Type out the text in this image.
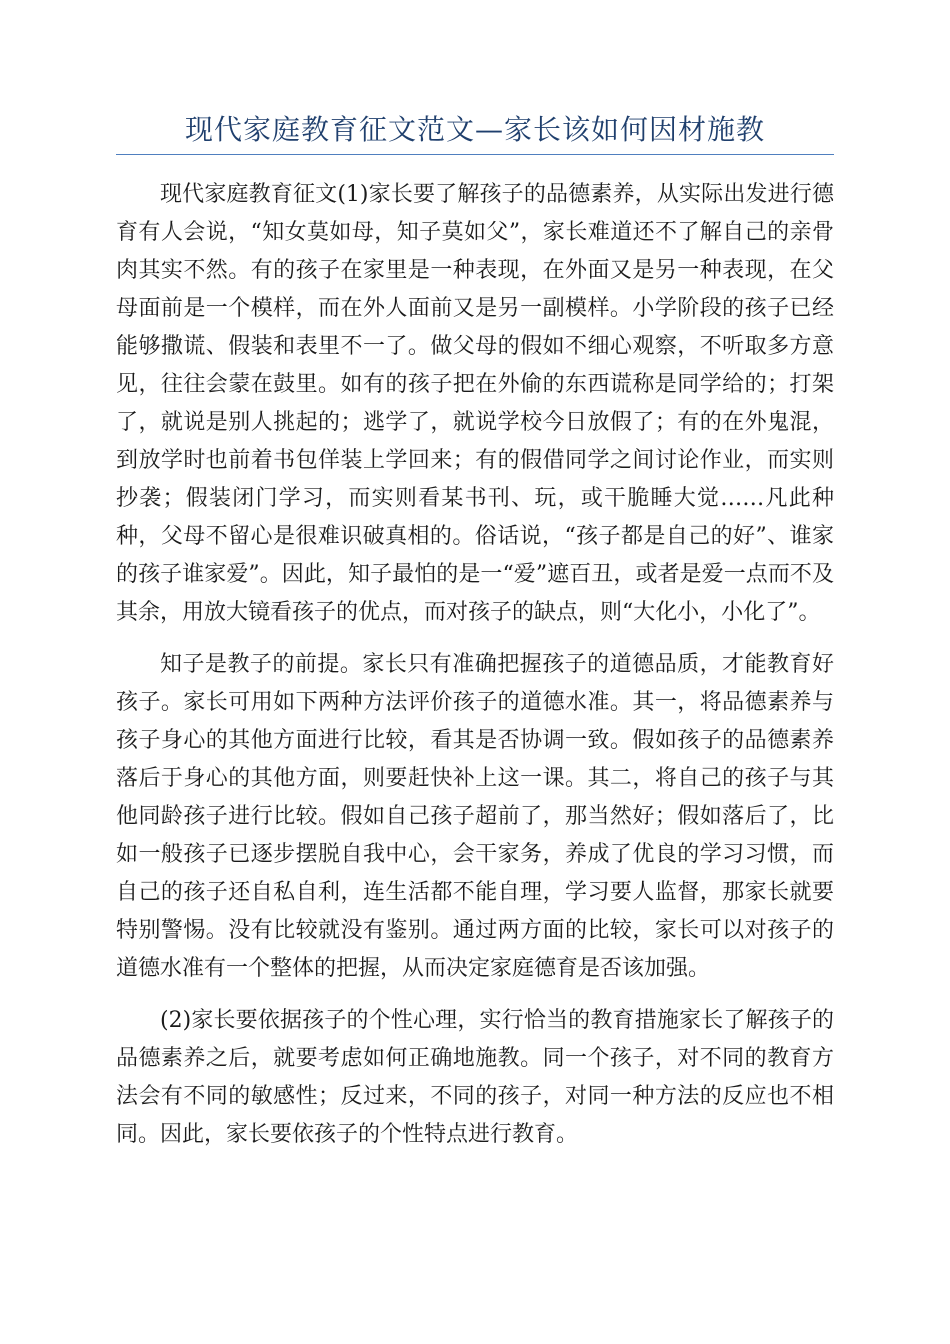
现代家庭教育征文范文—家长该如何因材施教

现代家庭教育征文(1)家长要了解孩子的品德素养，从实际出发进行德育有人会说，“知女莫如母，知子莫如父”，家长难道还不了解自己的亲骨肉其实不然。有的孩子在家里是一种表现，在外面又是另一种表现，在父母面前是一个模样，而在外人面前又是另一副模样。小学阶段的孩子已经能够撒谎、假装和表里不一了。做父母的假如不细心观察，不听取多方意见，往往会蒙在鼓里。如有的孩子把在外偷的东西谎称是同学给的；打架了，就说是别人挑起的；逃学了，就说学校今日放假了；有的在外鬼混，到放学时也前着书包佯装上学回来；有的假借同学之间讨论作业，而实则抄袭；假装闭门学习，而实则看某书刊、玩，或干脆睡大觉……凡此种种，父母不留心是很难识破真相的。俗话说，“孩子都是自己的好”、谁家的孩子谁家爱”。因此，知子最怕的是一“爱”遮百丑，或者是爱一点而不及其余，用放大镜看孩子的优点，而对孩子的缺点，则“大化小，小化了”。

知子是教子的前提。家长只有准确把握孩子的道德品质，才能教育好孩子。家长可用如下两种方法评价孩子的道德水准。其一，将品德素养与孩子身心的其他方面进行比较，看其是否协调一致。假如孩子的品德素养落后于身心的其他方面，则要赶快补上这一课。其二，将自己的孩子与其他同龄孩子进行比较。假如自己孩子超前了，那当然好；假如落后了，比如一般孩子已逐步摆脱自我中心，会干家务，养成了优良的学习习惯，而自己的孩子还自私自利，连生活都不能自理，学习要人监督，那家长就要特别警惕。没有比较就没有鉴别。通过两方面的比较，家长可以对孩子的道德水准有一个整体的把握，从而决定家庭德育是否该加强。

(2)家长要依据孩子的个性心理，实行恰当的教育措施家长了解孩子的品德素养之后，就要考虑如何正确地施教。同一个孩子，对不同的教育方法会有不同的敏感性；反过来，不同的孩子，对同一种方法的反应也不相同。因此，家长要依孩子的个性特点进行教育。
